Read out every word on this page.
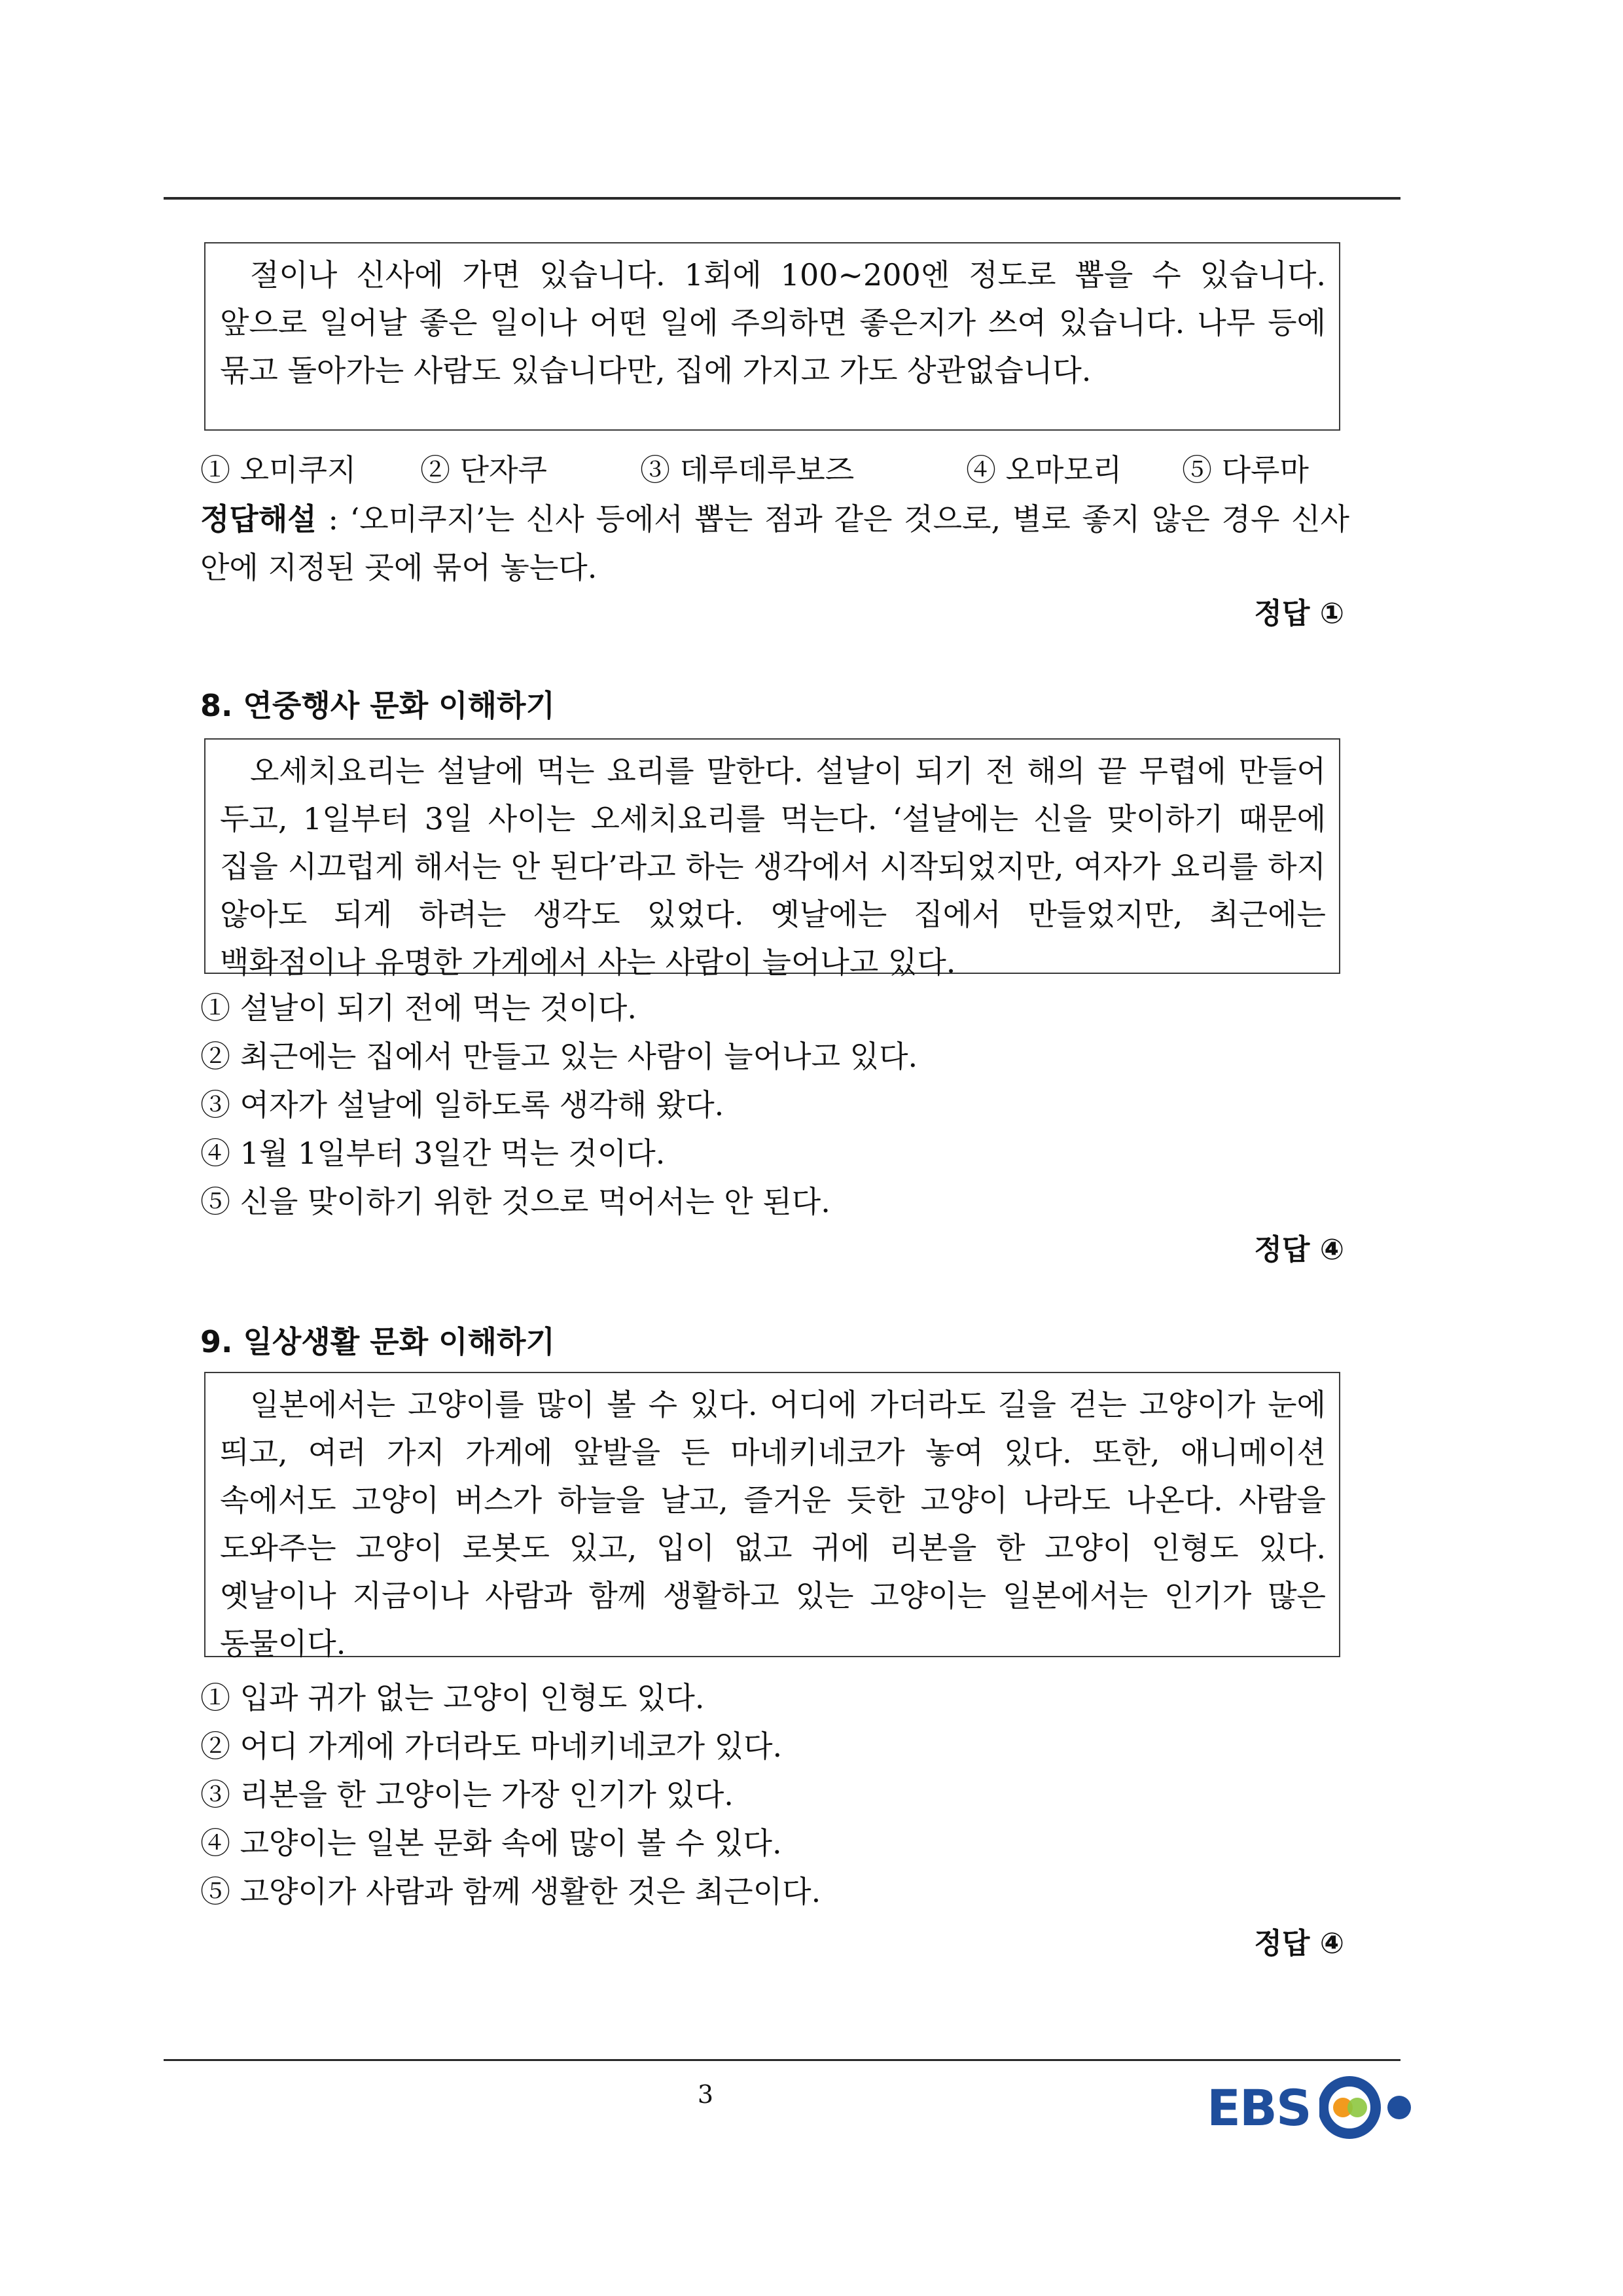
절이나 신사에 가면 있습니다. 1회에 100~200엔 정도로 뽑을 수 있습니다. 앞으로 일어날 좋은 일이나 어떤 일에 주의하면 좋은지가 쓰여 있습니다. 나무 등에 묶고 돌아가는 사람도 있습니다만, 집에 가지고 가도 상관없습니다.
① 오미쿠지 ② 단자쿠	③ 데루데루보즈	④ 오마모리 ⑤ 다루마
정답해설 : ‘오미쿠지’는 신사 등에서 뽑는 점과 같은 것으로, 별로 좋지 않은 경우 신사 안에 지정된 곳에 묶어 놓는다.
정답 ①
8. 연중행사 문화 이해하기
오세치요리는 설날에 먹는 요리를 말한다. 설날이 되기 전 해의 끝 무렵에 만들어 두고, 1일부터 3일 사이는 오세치요리를 먹는다. ‘설날에는 신을 맞이하기 때문에 집을 시끄럽게 해서는 안 된다’라고 하는 생각에서 시작되었지만, 여자가 요리를 하지 않아도 되게 하려는 생각도 있었다. 옛날에는 집에서 만들었지만, 최근에는 백화점이나 유명한 가게에서 사는 사람이 늘어나고 있다.
① 설날이 되기 전에 먹는 것이다.
② 최근에는 집에서 만들고 있는 사람이 늘어나고 있다.
③ 여자가 설날에 일하도록 생각해 왔다.
④ 1월 1일부터 3일간 먹는 것이다.
⑤ 신을 맞이하기 위한 것으로 먹어서는 안 된다.
정답 ④
9. 일상생활 문화 이해하기
일본에서는 고양이를 많이 볼 수 있다. 어디에 가더라도 길을 걷는 고양이가 눈에 띄고, 여러 가지 가게에 앞발을 든 마네키네코가 놓여 있다. 또한, 애니메이션 속에서도 고양이 버스가 하늘을 날고, 즐거운 듯한 고양이 나라도 나온다. 사람을 도와주는 고양이 로봇도 있고, 입이 없고 귀에 리본을 한 고양이 인형도 있다. 옛날이나 지금이나 사람과 함께 생활하고 있는 고양이는 일본에서는 인기가 많은 동물이다.
① 입과 귀가 없는 고양이 인형도 있다.
② 어디 가게에 가더라도 마네키네코가 있다.
③ 리본을 한 고양이는 가장 인기가 있다.
④ 고양이는 일본 문화 속에 많이 볼 수 있다.
⑤ 고양이가 사람과 함께 생활한 것은 최근이다.
정답 ④
3	EBS
